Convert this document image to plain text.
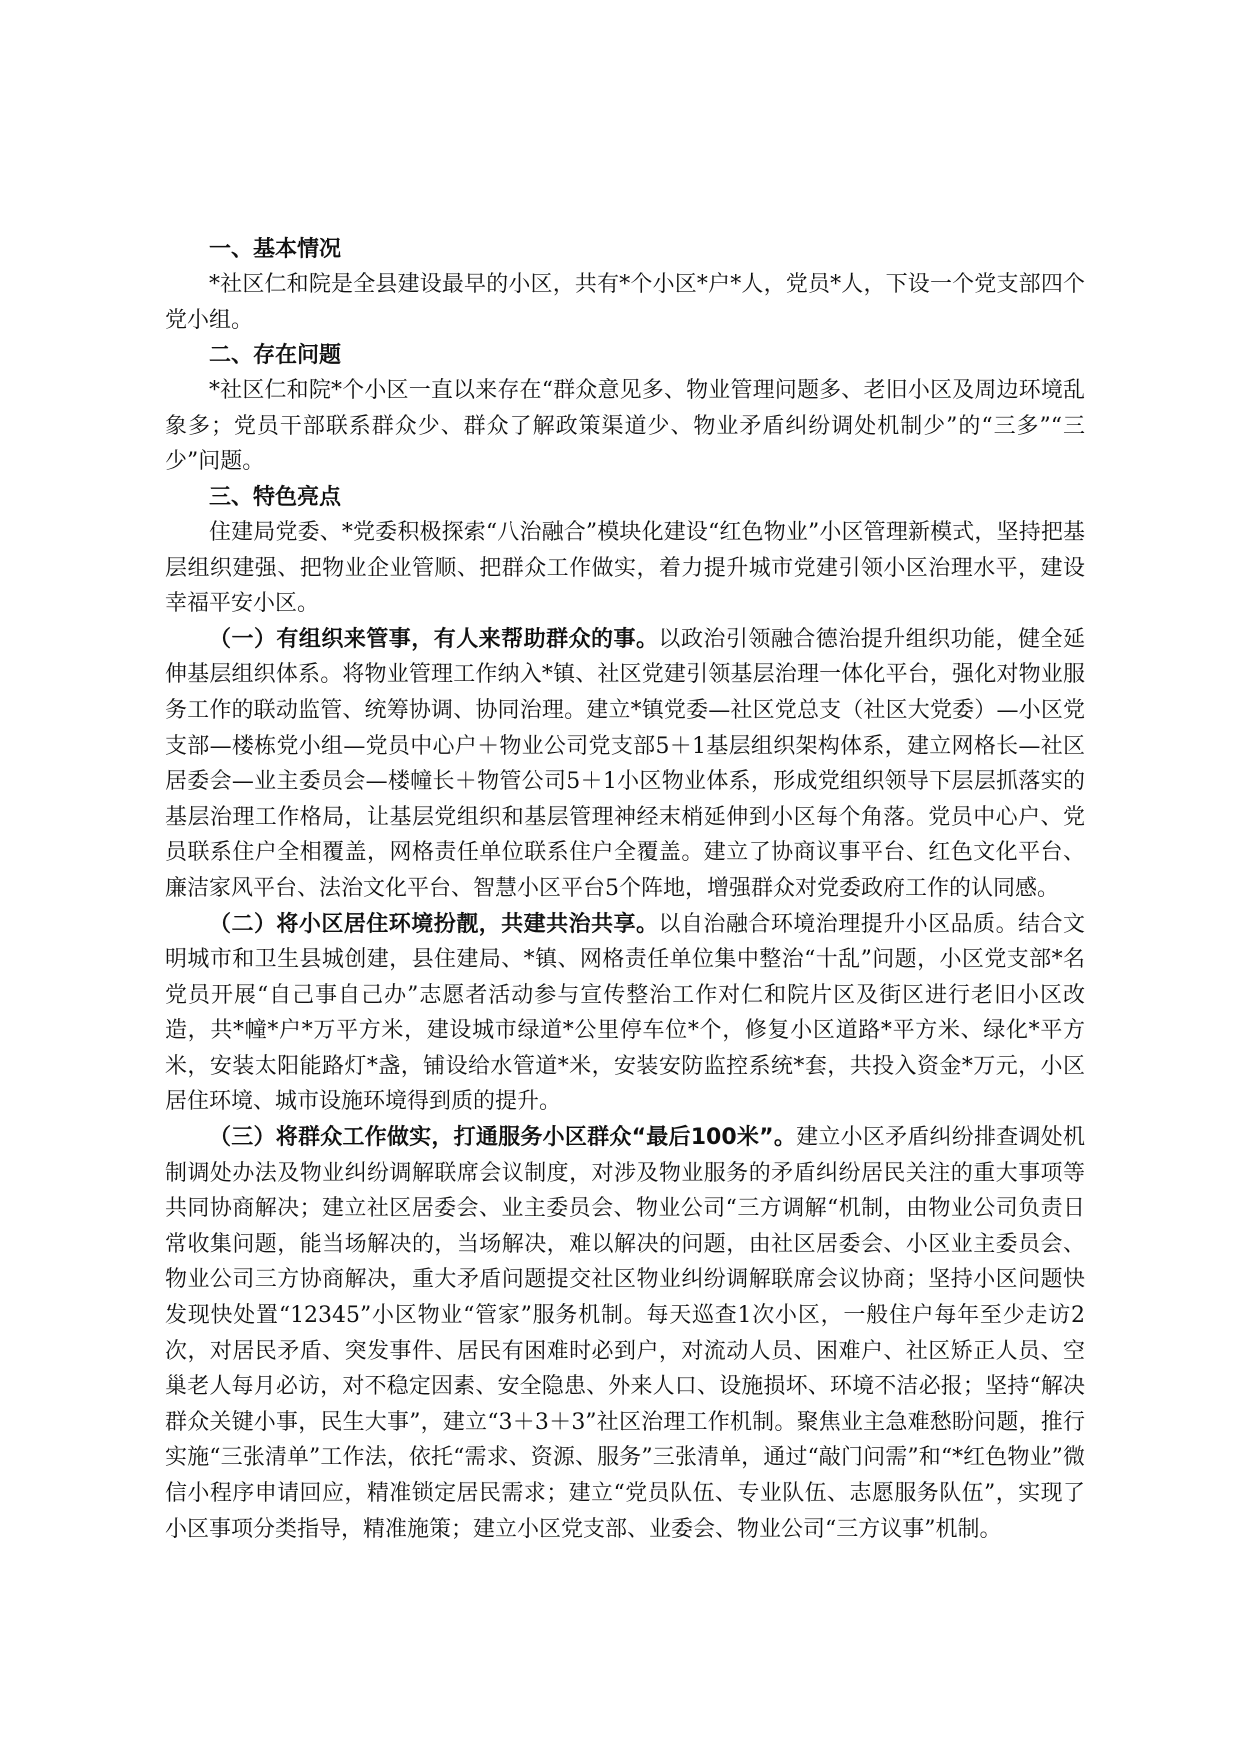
一、基本情况

*社区仁和院是全县建设最早的小区，共有*个小区*户*人，党员*人，下设一个党支部四个党小组。

二、存在问题

*社区仁和院*个小区一直以来存在“群众意见多、物业管理问题多、老旧小区及周边环境乱象多；党员干部联系群众少、群众了解政策渠道少、物业矛盾纠纷调处机制少”的“三多”“三少”问题。

三、特色亮点

住建局党委、*党委积极探索“八治融合”模块化建设“红色物业”小区管理新模式，坚持把基层组织建强、把物业企业管顺、把群众工作做实，着力提升城市党建引领小区治理水平，建设幸福平安小区。

（一）有组织来管事，有人来帮助群众的事。以政治引领融合德治提升组织功能，健全延伸基层组织体系。将物业管理工作纳入*镇、社区党建引领基层治理一体化平台，强化对物业服务工作的联动监管、统筹协调、协同治理。建立*镇党委—社区党总支（社区大党委）—小区党支部—楼栋党小组—党员中心户＋物业公司党支部5＋1基层组织架构体系，建立网格长—社区居委会—业主委员会—楼幢长＋物管公司5＋1小区物业体系，形成党组织领导下层层抓落实的基层治理工作格局，让基层党组织和基层管理神经末梢延伸到小区每个角落。党员中心户、党员联系住户全相覆盖，网格责任单位联系住户全覆盖。建立了协商议事平台、红色文化平台、廉洁家风平台、法治文化平台、智慧小区平台5个阵地，增强群众对党委政府工作的认同感。

（二）将小区居住环境扮靓，共建共治共享。以自治融合环境治理提升小区品质。结合文明城市和卫生县城创建，县住建局、*镇、网格责任单位集中整治“十乱”问题，小区党支部*名党员开展“自己事自己办”志愿者活动参与宣传整治工作对仁和院片区及街区进行老旧小区改造，共*幢*户*万平方米，建设城市绿道*公里停车位*个，修复小区道路*平方米、绿化*平方米，安装太阳能路灯*盏，铺设给水管道*米，安装安防监控系统*套，共投入资金*万元，小区居住环境、城市设施环境得到质的提升。

（三）将群众工作做实，打通服务小区群众“最后100米”。建立小区矛盾纠纷排查调处机制调处办法及物业纠纷调解联席会议制度，对涉及物业服务的矛盾纠纷居民关注的重大事项等共同协商解决；建立社区居委会、业主委员会、物业公司“三方调解“机制，由物业公司负责日常收集问题，能当场解决的，当场解决，难以解决的问题，由社区居委会、小区业主委员会、物业公司三方协商解决，重大矛盾问题提交社区物业纠纷调解联席会议协商；坚持小区问题快发现快处置“12345”小区物业“管家”服务机制。每天巡查1次小区，一般住户每年至少走访2次，对居民矛盾、突发事件、居民有困难时必到户，对流动人员、困难户、社区矫正人员、空巢老人每月必访，对不稳定因素、安全隐患、外来人口、设施损坏、环境不洁必报；坚持“解决群众关键小事，民生大事”，建立“3＋3＋3”社区治理工作机制。聚焦业主急难愁盼问题，推行实施“三张清单”工作法，依托“需求、资源、服务”三张清单，通过“敲门问需”和“*红色物业”微信小程序申请回应，精准锁定居民需求；建立“党员队伍、专业队伍、志愿服务队伍”，实现了小区事项分类指导，精准施策；建立小区党支部、业委会、物业公司“三方议事”机制。
